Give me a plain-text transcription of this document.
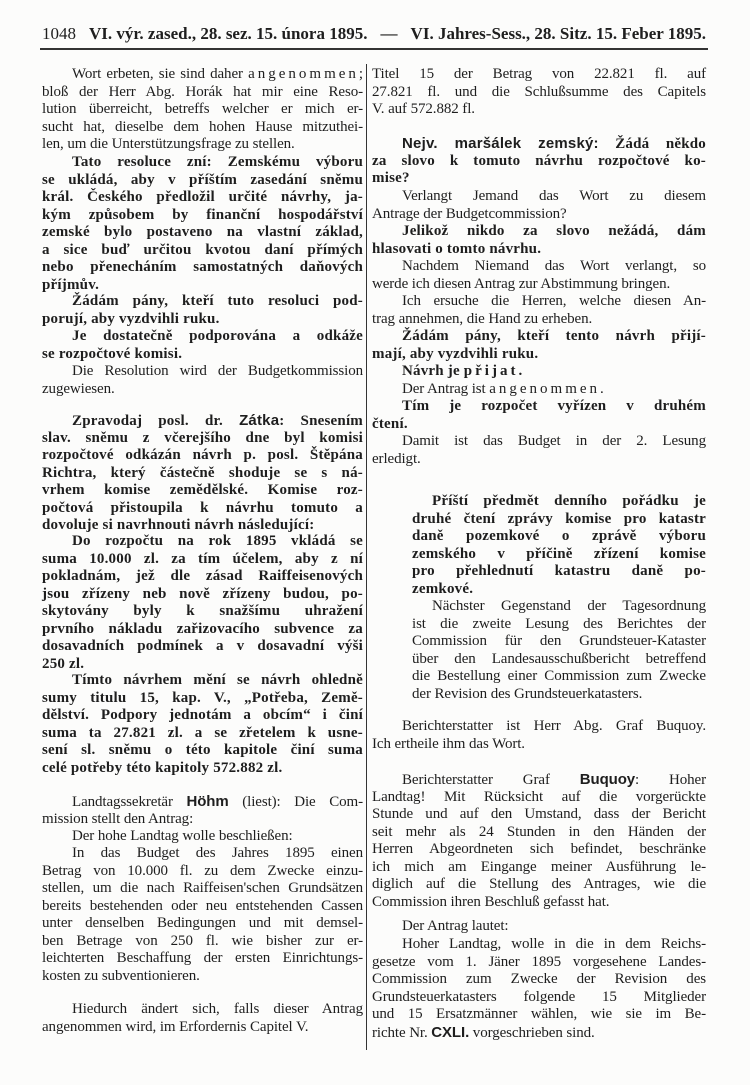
1048 VI. výr. zased., 28. sez. 15. února 1895. — VI. Jahres-Sess., 28. Sitz. 15. Feber 1895.
Wort erbeten, sie sind daher angenommen;
bloß der Herr Abg. Horák hat mir eine Reso-
lution überreicht, betreffs welcher er mich er-
sucht hat, dieselbe dem hohen Hause mitzuthei-
len, um die Unterstützungsfrage zu stellen.
Tato resoluce zní: Zemskému výboru
se ukládá, aby v příštím zasedání sněmu
král. Českého předložil určité návrhy, ja-
kým způsobem by finanční hospodářství
zemské bylo postaveno na vlastní základ,
a sice buď určitou kvotou daní přímých
nebo přenecháním samostatných daňových
příjmův.
Žádám pány, kteří tuto resoluci pod-
porují, aby vyzdvihli ruku.
Je dostatečně podporována a odkáže
se rozpočtové komisi.
Die Resolution wird der Budgetkommission
zugewiesen.
Zpravodaj posl. dr. Zátka: Snesením
slav. sněmu z včerejšího dne byl komisi
rozpočtové odkázán návrh p. posl. Štěpána
Richtra, který částečně shoduje se s ná-
vrhem komise zemědělské. Komise roz-
počtová přistoupila k návrhu tomuto a
dovoluje si navrhnouti návrh následující:
Do rozpočtu na rok 1895 vkládá se
suma 10.000 zl. za tím účelem, aby z ní
pokladnám, jež dle zásad Raiffeisenových
jsou zřízeny neb nově zřízeny budou, po-
skytovány byly k snažšímu uhražení
prvního nákladu zařizovacího subvence za
dosavadních podmínek a v dosavadní výši
250 zl.
Tímto návrhem mění se návrh ohledně
sumy titulu 15, kap. V., „Potřeba, Země-
dělství. Podpory jednotám a obcím“ i činí
suma ta 27.821 zl. a se zřetelem k usne-
sení sl. sněmu o této kapitole činí suma
celé potřeby této kapitoly 572.882 zl.
Landtagssekretär Höhm (liest): Die Com-
mission stellt den Antrag:
Der hohe Landtag wolle beschließen:
In das Budget des Jahres 1895 einen
Betrag von 10.000 fl. zu dem Zwecke einzu-
stellen, um die nach Raiffeisen'schen Grundsätzen
bereits bestehenden oder neu entstehenden Cassen
unter denselben Bedingungen und mit demsel-
ben Betrage von 250 fl. wie bisher zur er-
leichterten Beschaffung der ersten Einrichtungs-
kosten zu subventionieren.
Hiedurch ändert sich, falls dieser Antrag
angenommen wird, im Erfordernis Capitel V.
Titel 15 der Betrag von 22.821 fl. auf
27.821 fl. und die Schlußsumme des Capitels
V. auf 572.882 fl.
Nejv. maršálek zemský: Žádá někdo
za slovo k tomuto návrhu rozpočtové ko-
mise?
Verlangt Jemand das Wort zu diesem
Antrage der Budgetcommission?
Jelikož nikdo za slovo nežádá, dám
hlasovati o tomto návrhu.
Nachdem Niemand das Wort verlangt, so
werde ich diesen Antrag zur Abstimmung bringen.
Ich ersuche die Herren, welche diesen An-
trag annehmen, die Hand zu erheben.
Žádám pány, kteří tento návrh přijí-
mají, aby vyzdvihli ruku.
Návrh je přijat.
Der Antrag ist angenommen.
Tím je rozpočet vyřízen v druhém
čtení.
Damit ist das Budget in der 2. Lesung
erledigt.
Příští předmět denního pořádku je
druhé čtení zprávy komise pro katastr
daně pozemkové o zprávě výboru
zemského v příčině zřízení komise
pro přehlednutí katastru daně po-
zemkové.
Nächster Gegenstand der Tagesordnung
ist die zweite Lesung des Berichtes der
Commission für den Grundsteuer-Kataster
über den Landesausschußbericht betreffend
die Bestellung einer Commission zum Zwecke
der Revision des Grundsteuerkatasters.
Berichterstatter ist Herr Abg. Graf Buquoy.
Ich ertheile ihm das Wort.
Berichterstatter Graf Buquoy: Hoher
Landtag! Mit Rücksicht auf die vorgerückte
Stunde und auf den Umstand, dass der Bericht
seit mehr als 24 Stunden in den Händen der
Herren Abgeordneten sich befindet, beschränke
ich mich am Eingange meiner Ausführung le-
diglich auf die Stellung des Antrages, wie die
Commission ihren Beschluß gefasst hat.
Der Antrag lautet:
Hoher Landtag, wolle in die in dem Reichs-
gesetze vom 1. Jäner 1895 vorgesehene Landes-
Commission zum Zwecke der Revision des
Grundsteuerkatasters folgende 15 Mitglieder
und 15 Ersatzmänner wählen, wie sie im Be-
richte Nr. CXLI. vorgeschrieben sind.
